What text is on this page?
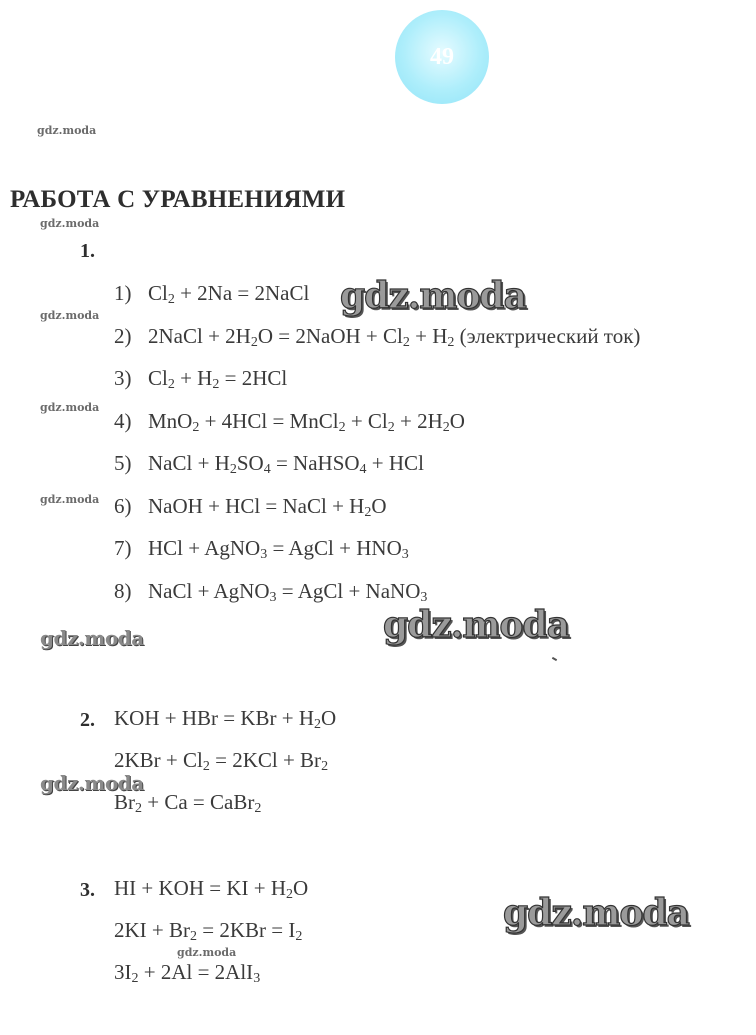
49
gdz.moda
gdz.moda
gdz.moda
gdz.moda
gdz.moda
gdz.moda
gdz.moda
gdz.moda
gdz.moda
gdz.moda
gdz.moda
РАБОТА С УРАВНЕНИЯМИ
1.
1) $Cl_2 + 2Na$ = 2NaCl
2) 2NaCl + $2H_2O$ = 2NaOH + $Cl_2 + H_2$ (электрический ток)
3) $Cl_2 + H_2 = 2HCl$
4) MnO$_2$ + 4HCl = MnCl$_2$ + $Cl_2 + 2H_2O$
5) NaCl + $H_2SO_4$ = NaHSO$_4$ + HCl
6) NaOH + HCl = NaCl + $H_2O$
7) HCl + AgNO$_3$ = AgCl + $HNO_3$
8) NaCl + AgNO$_3$ = AgCl + NaNO$_3$
2. KOH + HBr = KBr + $H_2O$
$2KBr + Cl_2 = 2KCl + Br_2$
$Br_2 + Ca$ = CaBr$_2$
3. HI + KOH = KI + $H_2O$
$2KI + Br_2 = 2KBr = I_2$
$3I_2 + 2Al = 2AlI_3$
